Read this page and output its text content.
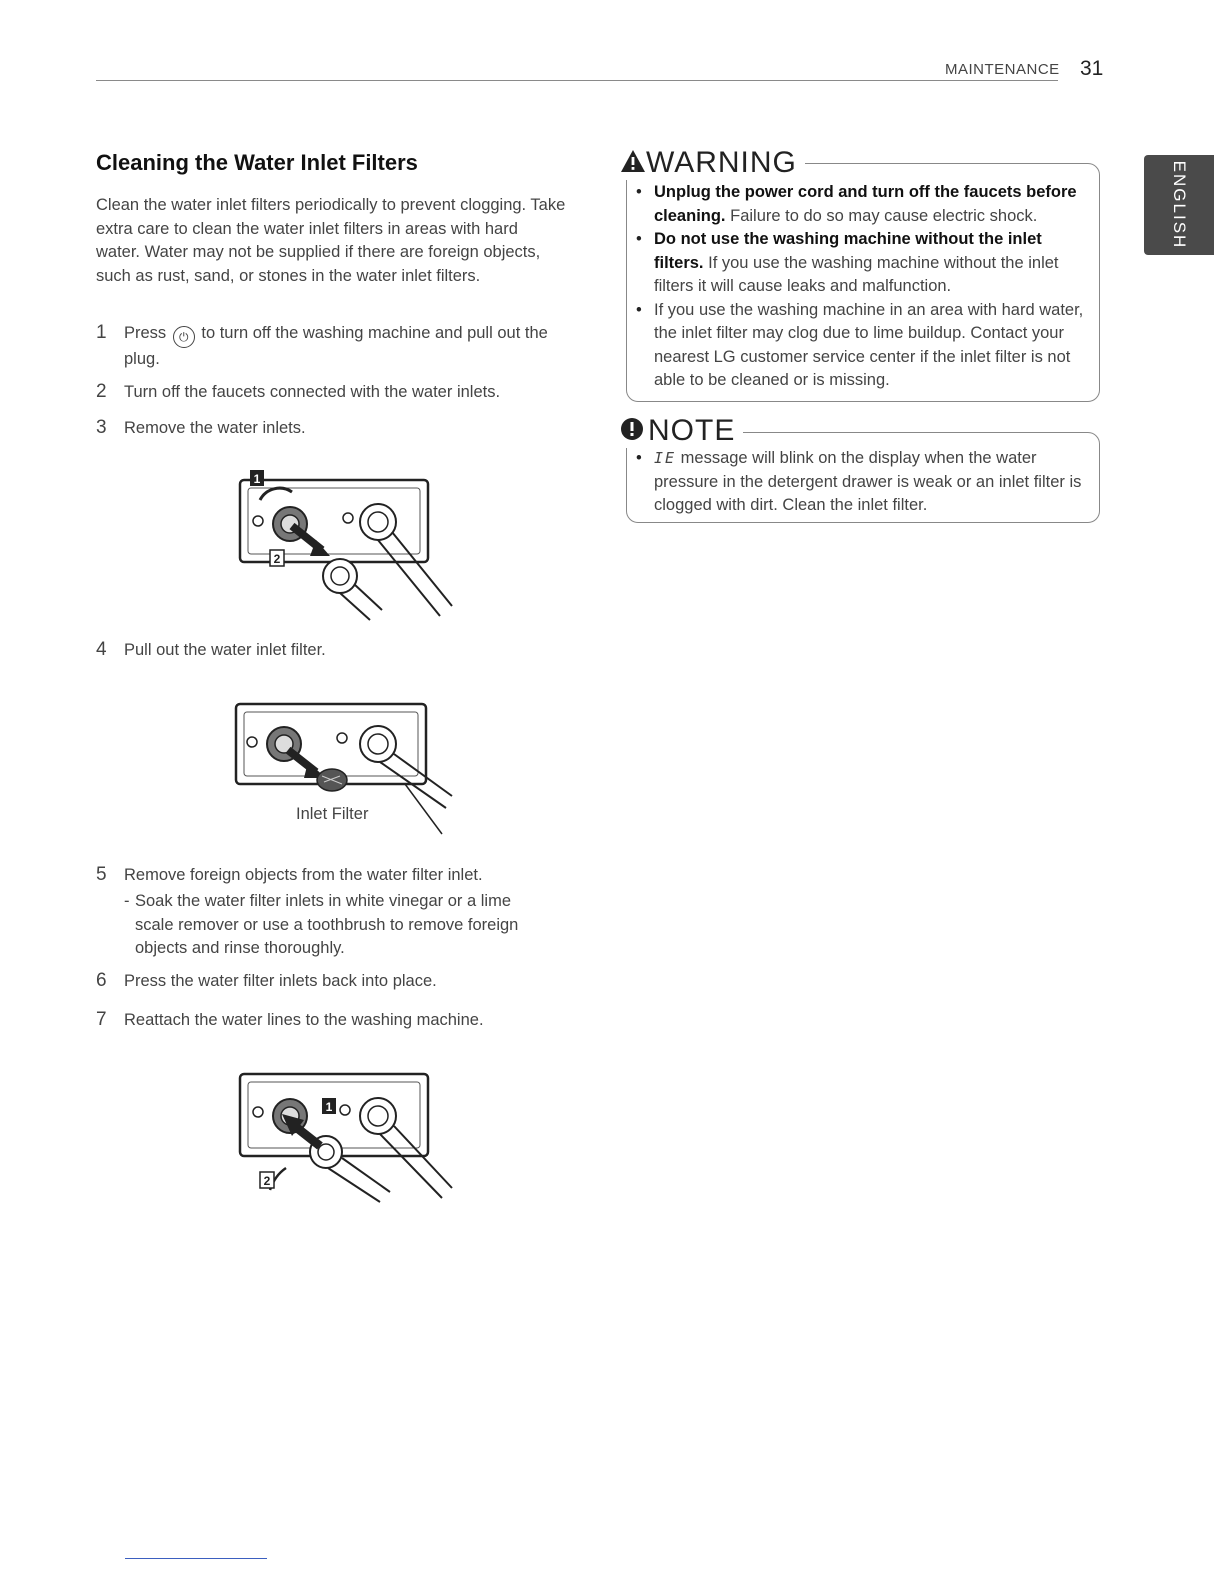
MAINTENANCE 31
ENGLISH
Cleaning the Water Inlet Filters
Clean the water inlet filters periodically to prevent clogging. Take extra care to clean the water inlet filters in areas with hard water. Water may not be supplied if there are foreign objects, such as rust, sand, or stones in the water inlet filters.
1 Press ⏻ to turn off the washing machine and pull out the plug.
2 Turn off the faucets connected with the water inlets.
3 Remove the water inlets.
1
2
4 Pull out the water inlet filter.
Inlet Filter
5 Remove foreign objects from the water filter inlet.
- Soak the water filter inlets in white vinegar or a lime scale remover or use a toothbrush to remove foreign objects and rinse thoroughly.
6 Press the water filter inlets back into place.
7 Reattach the water lines to the washing machine.
1
2
• Unplug the power cord and turn off the faucets before cleaning. Failure to do so may cause electric shock.
• Do not use the washing machine without the inlet filters. If you use the washing machine without the inlet filters it will cause leaks and malfunction.
• If you use the washing machine in an area with hard water, the inlet filter may clog due to lime buildup. Contact your nearest LG customer service center if the inlet filter is not able to be cleaned or is missing.
WARNING
• IE message will blink on the display when the water pressure in the detergent drawer is weak or an inlet filter is clogged with dirt. Clean the inlet filter.
NOTE
